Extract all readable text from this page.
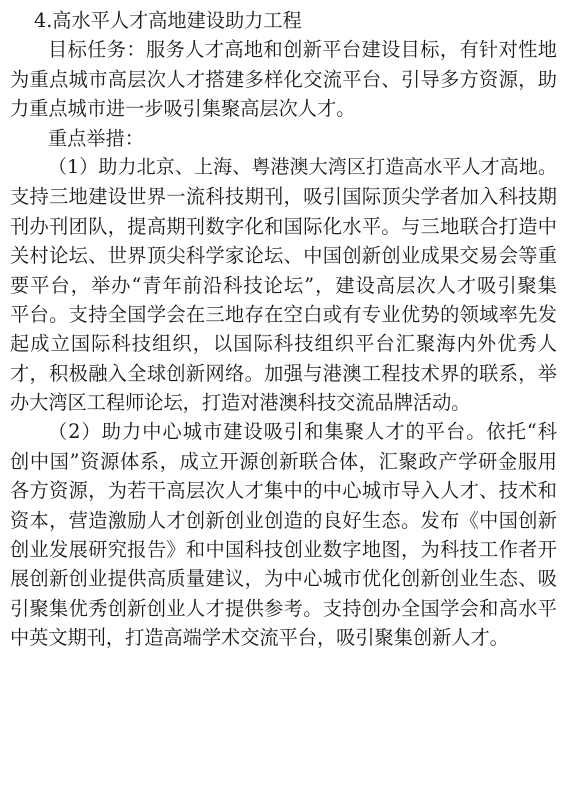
4.高水平人才高地建设助力工程
目标任务：服务人才高地和创新平台建设目标，有针对性地
为重点城市高层次人才搭建多样化交流平台、引导多方资源，助
力重点城市进一步吸引集聚高层次人才。
重点举措：
（1）助力北京、上海、粤港澳大湾区打造高水平人才高地。
支持三地建设世界一流科技期刊，吸引国际顶尖学者加入科技期
刊办刊团队，提高期刊数字化和国际化水平。与三地联合打造中
关村论坛、世界顶尖科学家论坛、中国创新创业成果交易会等重
要平台，举办“青年前沿科技论坛”，建设高层次人才吸引聚集
平台。支持全国学会在三地存在空白或有专业优势的领域率先发
起成立国际科技组织，以国际科技组织平台汇聚海内外优秀人
才，积极融入全球创新网络。加强与港澳工程技术界的联系，举
办大湾区工程师论坛，打造对港澳科技交流品牌活动。
（2）助力中心城市建设吸引和集聚人才的平台。依托“科
创中国”资源体系，成立开源创新联合体，汇聚政产学研金服用
各方资源，为若干高层次人才集中的中心城市导入人才、技术和
资本，营造激励人才创新创业创造的良好生态。发布《中国创新
创业发展研究报告》和中国科技创业数字地图，为科技工作者开
展创新创业提供高质量建议，为中心城市优化创新创业生态、吸
引聚集优秀创新创业人才提供参考。支持创办全国学会和高水平
中英文期刊，打造高端学术交流平台，吸引聚集创新人才。
